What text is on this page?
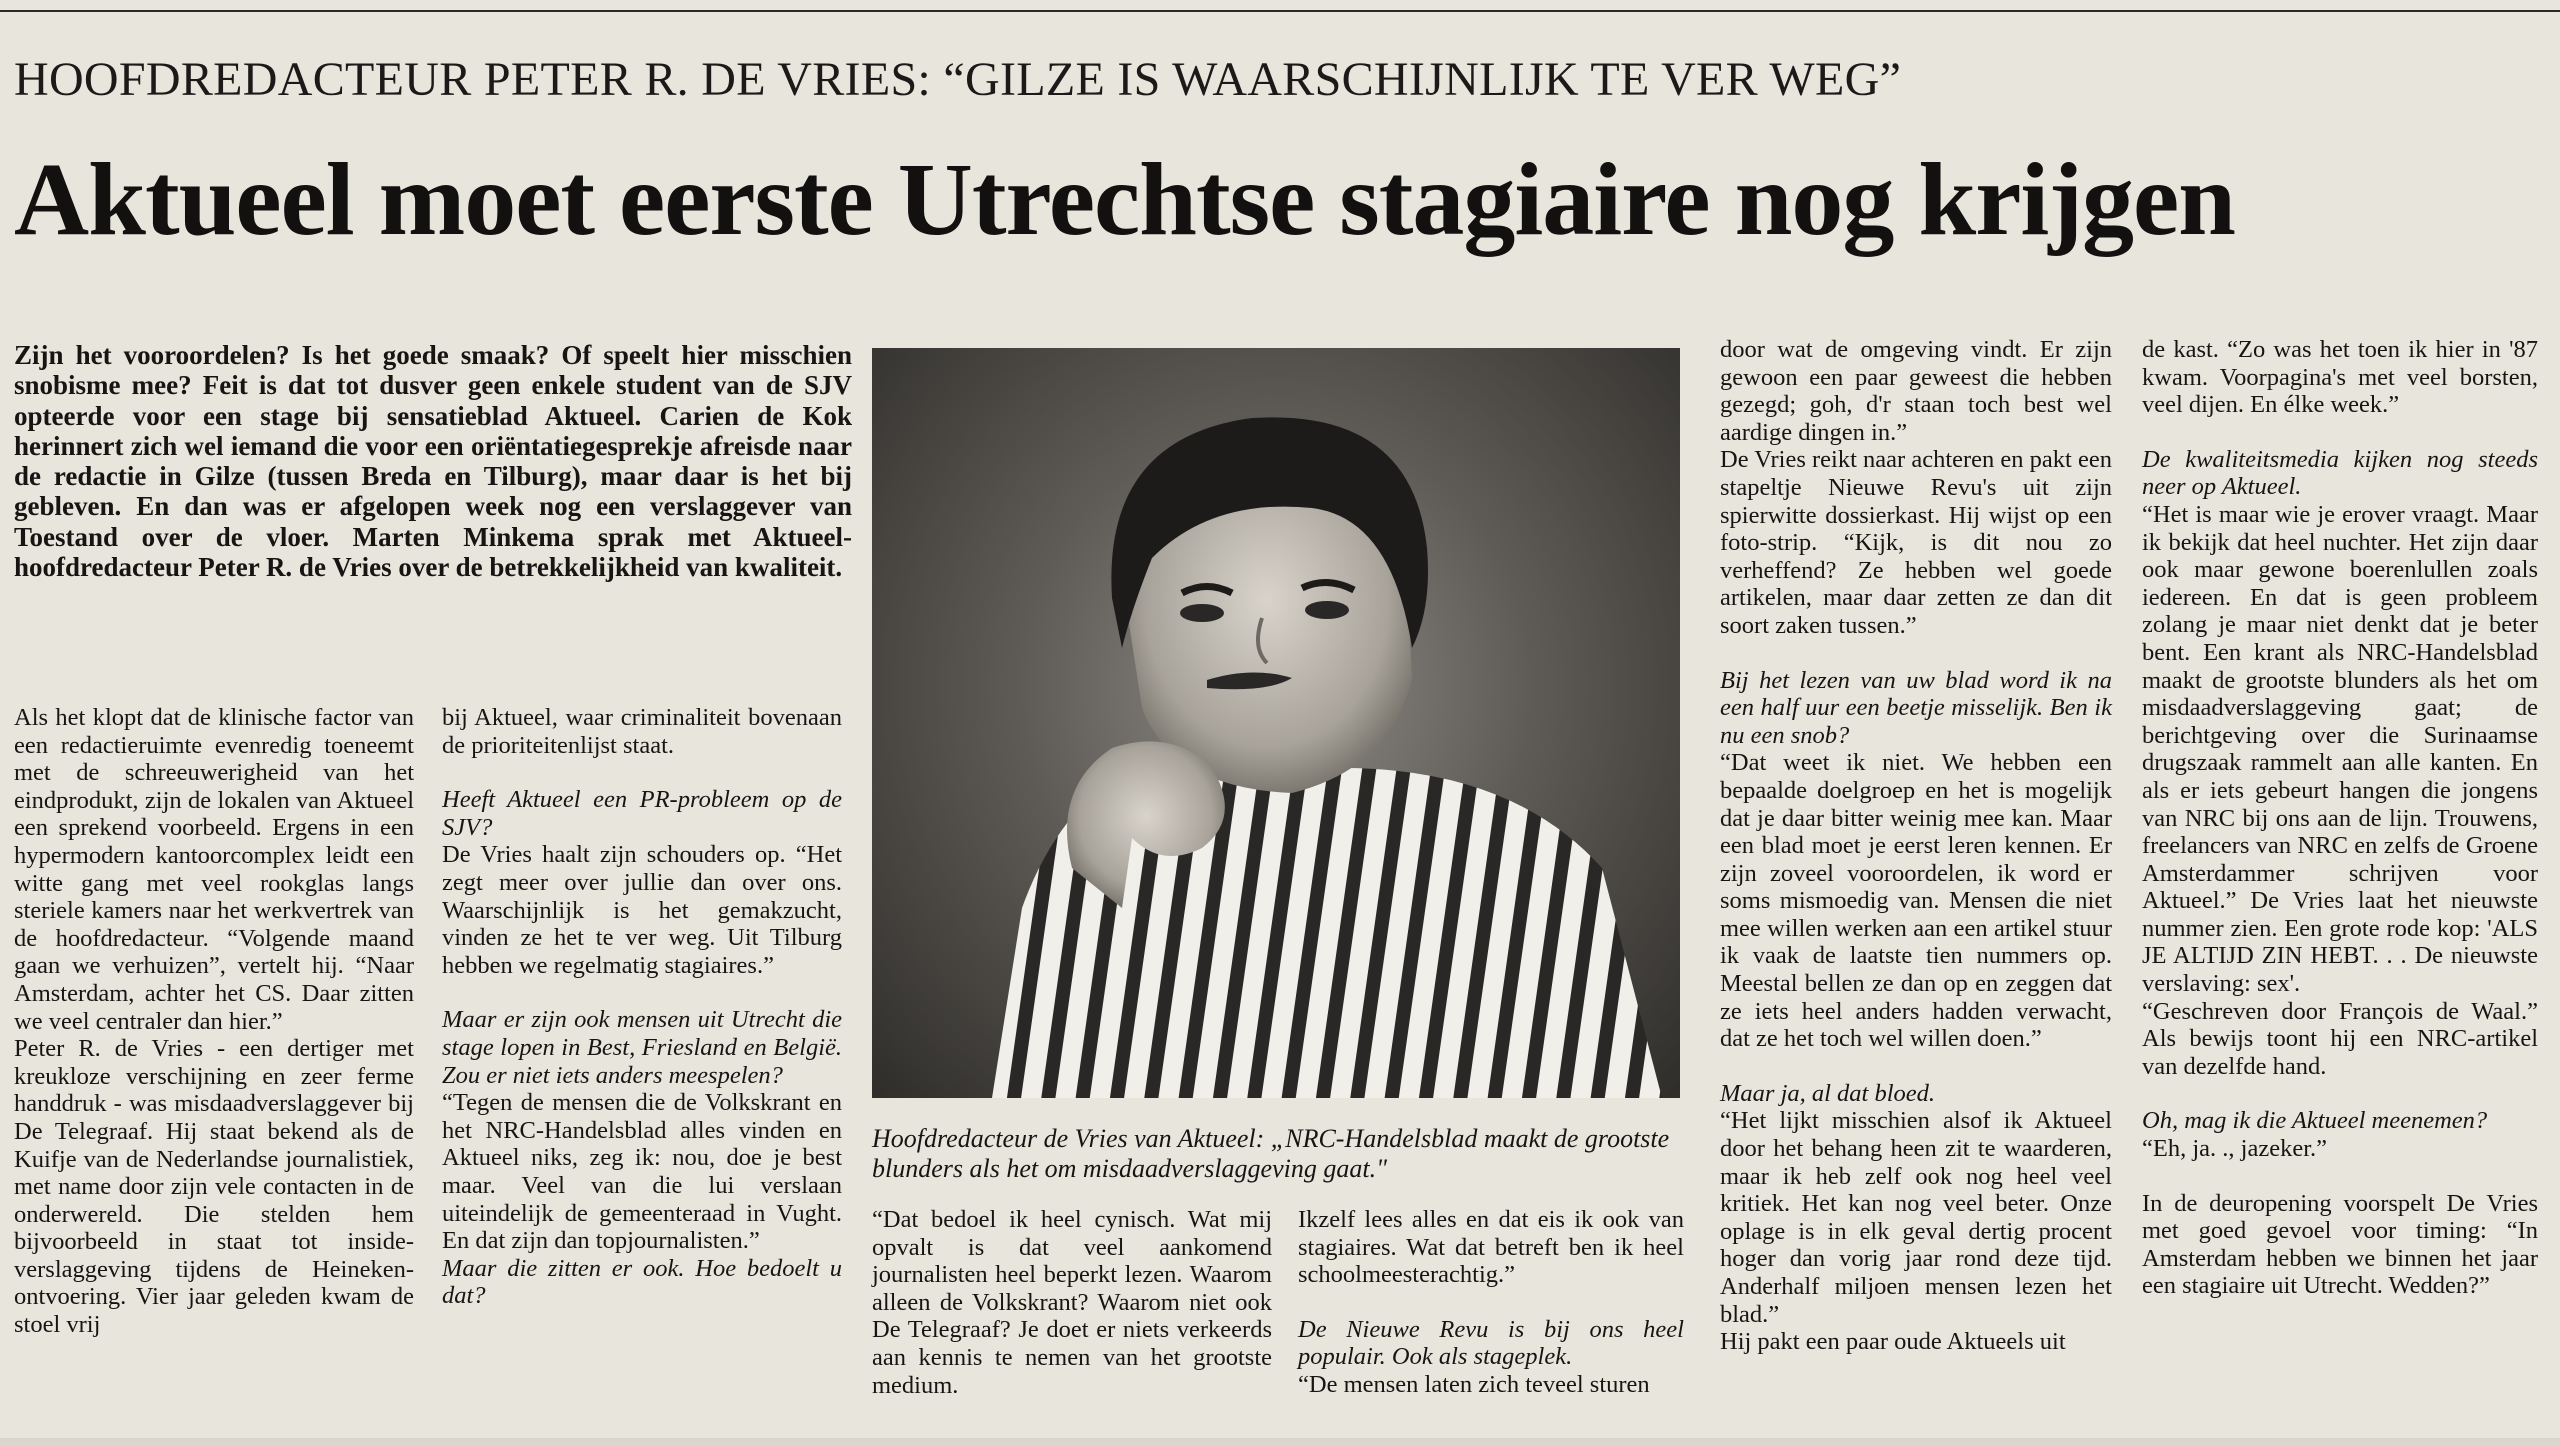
HOOFDREDACTEUR PETER R. DE VRIES: “GILZE IS WAARSCHIJNLIJK TE VER WEG”
Aktueel moet eerste Utrechtse stagiaire nog krijgen
Zijn het vooroordelen? Is het goede smaak? Of speelt hier misschien snobisme mee? Feit is dat tot dusver geen enkele student van de SJV opteerde voor een stage bij sensatieblad Aktueel. Carien de Kok herinnert zich wel iemand die voor een oriëntatiegesprekje afreisde naar de redactie in Gilze (tussen Breda en Tilburg), maar daar is het bij gebleven. En dan was er afgelopen week nog een verslaggever van Toestand over de vloer. Marten Minkema sprak met Aktueel-hoofdredacteur Peter R. de Vries over de betrekkelijkheid van kwaliteit.

Als het klopt dat de klinische factor van een redactieruimte evenredig toeneemt met de schreeuwerigheid van het eindprodukt, zijn de lokalen van Aktueel een sprekend voorbeeld. Ergens in een hypermodern kantoorcomplex leidt een witte gang met veel rookglas langs steriele kamers naar het werkvertrek van de hoofdredacteur. “Volgende maand gaan we verhuizen”, vertelt hij. “Naar Amsterdam, achter het CS. Daar zitten we veel centraler dan hier.”

Peter R. de Vries - een dertiger met kreukloze verschijning en zeer ferme handdruk - was misdaadverslaggever bij De Telegraaf. Hij staat bekend als de Kuifje van de Nederlandse journalistiek, met name door zijn vele contacten in de onderwereld. Die stelden hem bijvoorbeeld in staat tot inside-verslaggeving tijdens de Heineken-ontvoering. Vier jaar geleden kwam de stoel vrij

bij Aktueel, waar criminaliteit bovenaan de prioriteitenlijst staat.

Heeft Aktueel een PR-probleem op de SJV?

De Vries haalt zijn schouders op. “Het zegt meer over jullie dan over ons. Waarschijnlijk is het gemakzucht, vinden ze het te ver weg. Uit Tilburg hebben we regelmatig stagiaires.”

Maar er zijn ook mensen uit Utrecht die stage lopen in Best, Friesland en België. Zou er niet iets anders meespelen?

“Tegen de mensen die de Volkskrant en het NRC-Handelsblad alles vinden en Aktueel niks, zeg ik: nou, doe je best maar. Veel van die lui verslaan uiteindelijk de gemeenteraad in Vught. En dat zijn dan topjournalisten.”

Maar die zitten er ook. Hoe bedoelt u dat?

Hoofdredacteur de Vries van Aktueel: „NRC-Handelsblad maakt de grootste blunders als het om misdaadverslaggeving gaat."

“Dat bedoel ik heel cynisch. Wat mij opvalt is dat veel aankomend journalisten heel beperkt lezen. Waarom alleen de Volkskrant? Waarom niet ook De Telegraaf? Je doet er niets verkeerds aan kennis te nemen van het grootste medium.

Ikzelf lees alles en dat eis ik ook van stagiaires. Wat dat betreft ben ik heel schoolmeesterachtig.”

De Nieuwe Revu is bij ons heel populair. Ook als stageplek.

“De mensen laten zich teveel sturen

door wat de omgeving vindt. Er zijn gewoon een paar geweest die hebben gezegd; goh, d'r staan toch best wel aardige dingen in.”

De Vries reikt naar achteren en pakt een stapeltje Nieuwe Revu's uit zijn spierwitte dossierkast. Hij wijst op een foto-strip. “Kijk, is dit nou zo verheffend? Ze hebben wel goede artikelen, maar daar zetten ze dan dit soort zaken tussen.”

Bij het lezen van uw blad word ik na een half uur een beetje misselijk. Ben ik nu een snob?

“Dat weet ik niet. We hebben een bepaalde doelgroep en het is mogelijk dat je daar bitter weinig mee kan. Maar een blad moet je eerst leren kennen. Er zijn zoveel vooroordelen, ik word er soms mismoedig van. Mensen die niet mee willen werken aan een artikel stuur ik vaak de laatste tien nummers op. Meestal bellen ze dan op en zeggen dat ze iets heel anders hadden verwacht, dat ze het toch wel willen doen.”

Maar ja, al dat bloed.

“Het lijkt misschien alsof ik Aktueel door het behang heen zit te waarderen, maar ik heb zelf ook nog heel veel kritiek. Het kan nog veel beter. Onze oplage is in elk geval dertig procent hoger dan vorig jaar rond deze tijd. Anderhalf miljoen mensen lezen het blad.”

Hij pakt een paar oude Aktueels uit

de kast. “Zo was het toen ik hier in '87 kwam. Voorpagina's met veel borsten, veel dijen. En élke week.”

De kwaliteitsmedia kijken nog steeds neer op Aktueel.

“Het is maar wie je erover vraagt. Maar ik bekijk dat heel nuchter. Het zijn daar ook maar gewone boerenlullen zoals iedereen. En dat is geen probleem zolang je maar niet denkt dat je beter bent. Een krant als NRC-Handelsblad maakt de grootste blunders als het om misdaadverslaggeving gaat; de berichtgeving over die Surinaamse drugszaak rammelt aan alle kanten. En als er iets gebeurt hangen die jongens van NRC bij ons aan de lijn. Trouwens, freelancers van NRC en zelfs de Groene Amsterdammer schrijven voor Aktueel.” De Vries laat het nieuwste nummer zien. Een grote rode kop: 'ALS JE ALTIJD ZIN HEBT. . . De nieuwste verslaving: sex'.

“Geschreven door François de Waal.” Als bewijs toont hij een NRC-artikel van dezelfde hand.

Oh, mag ik die Aktueel meenemen?

“Eh, ja. ., jazeker.”

In de deuropening voorspelt De Vries met goed gevoel voor timing: “In Amsterdam hebben we binnen het jaar een stagiaire uit Utrecht. Wedden?”
